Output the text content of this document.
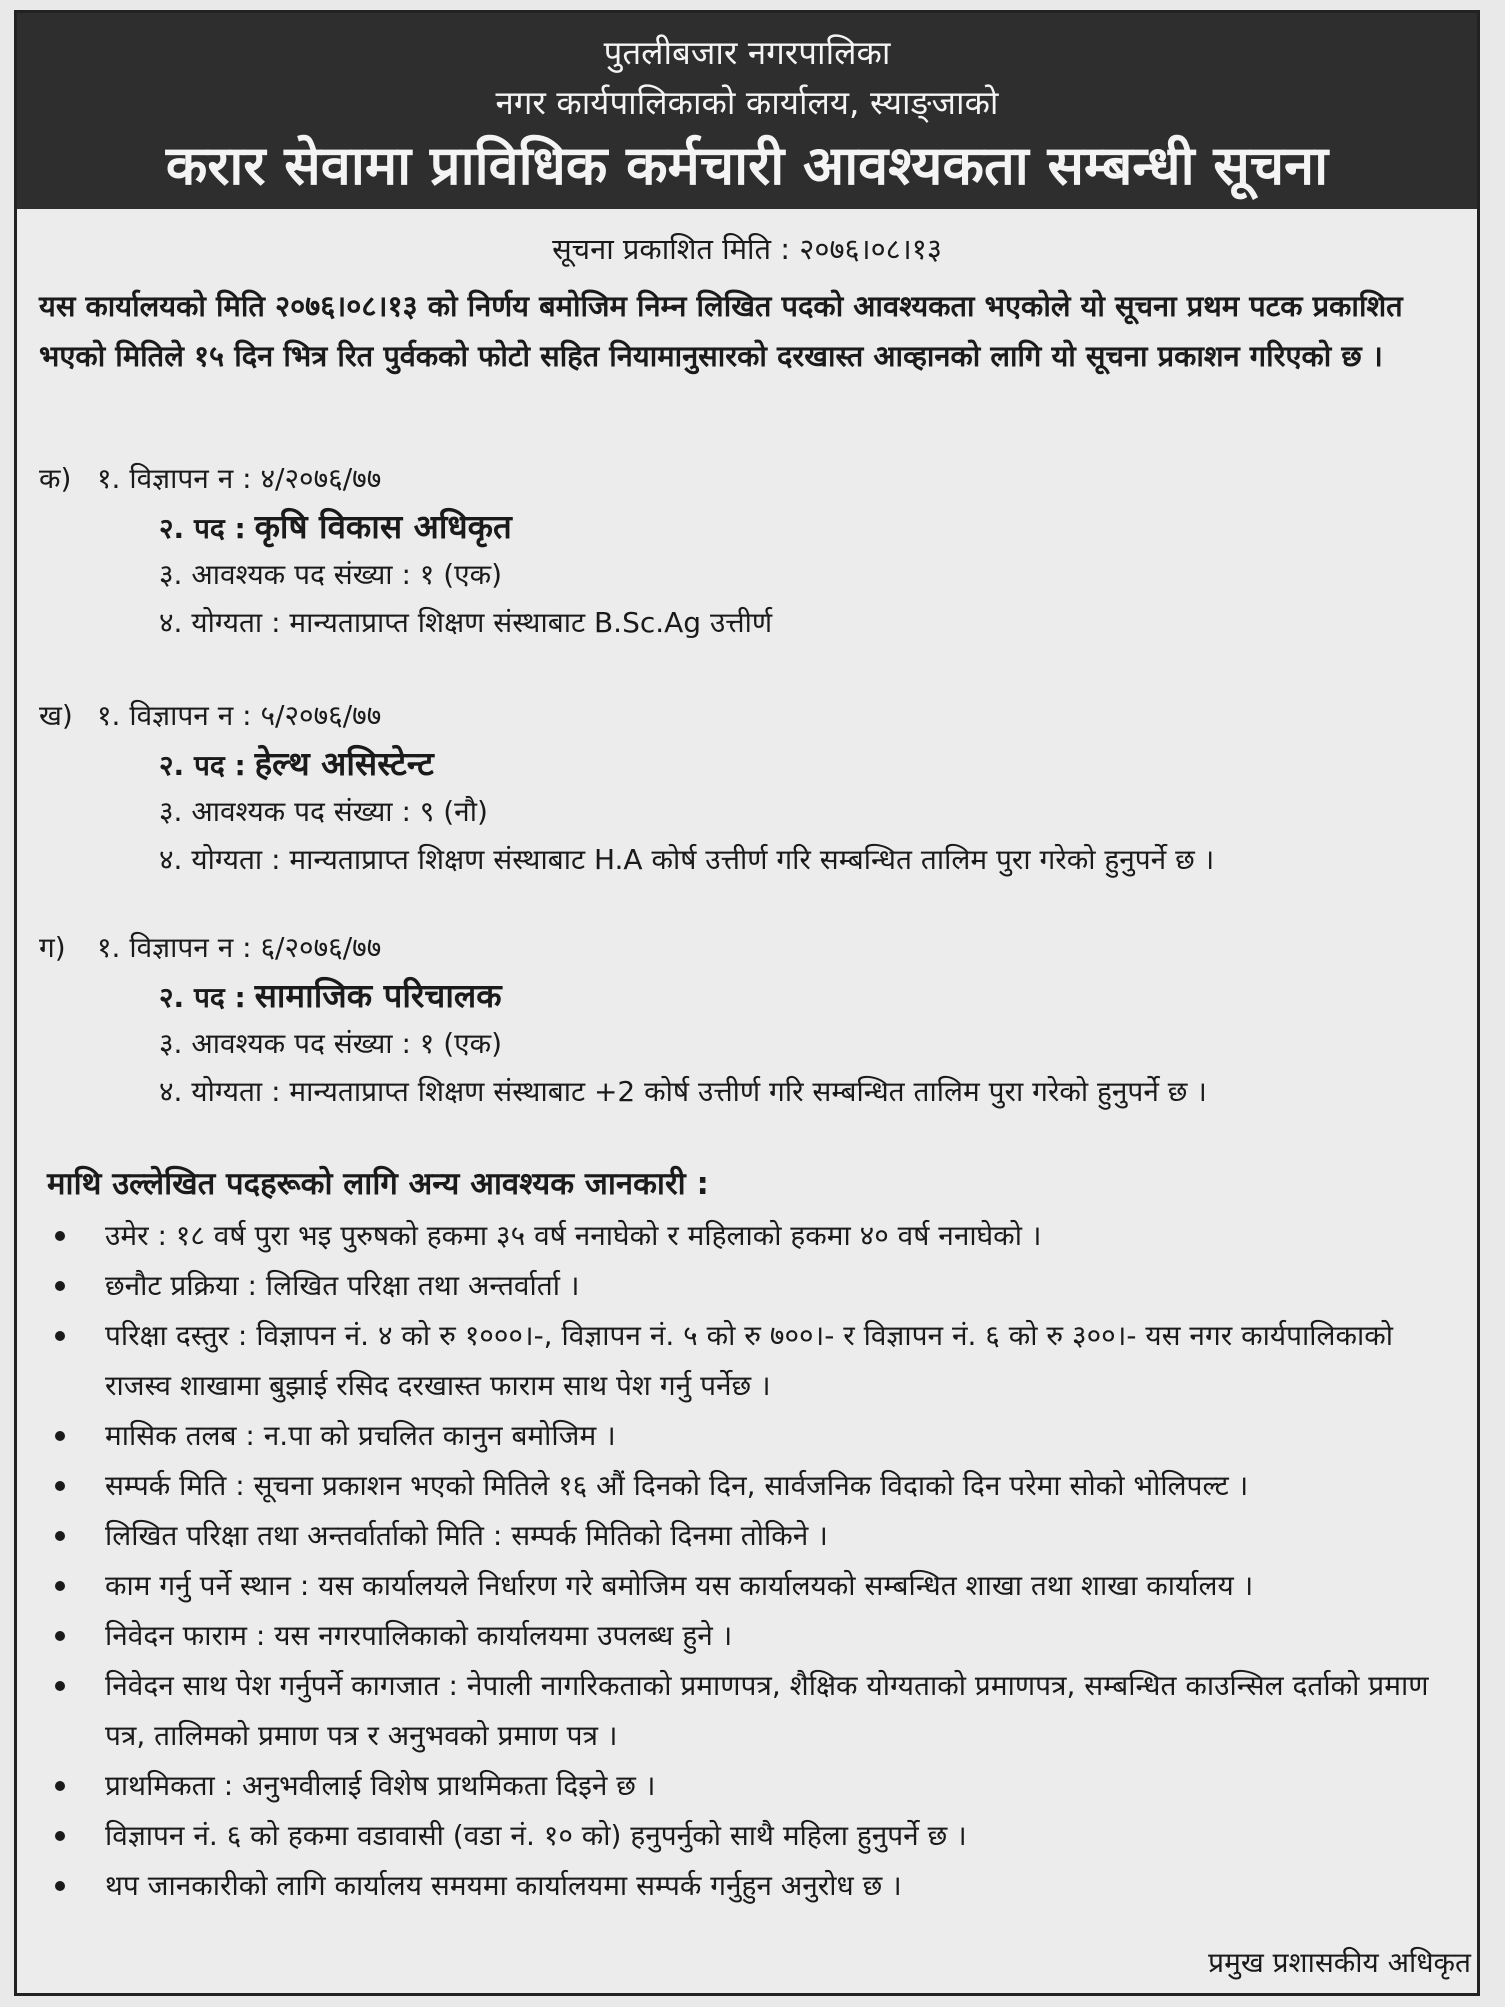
पुतलीबजार नगरपालिका
नगर कार्यपालिकाको कार्यालय, स्याङ्जाको
करार सेवामा प्राविधिक कर्मचारी आवश्यकता सम्बन्धी सूचना
सूचना प्रकाशित मिति : २०७६।०८।१३
यस कार्यालयको मिति २०७६।०८।१३ को निर्णय बमोजिम निम्न लिखित पदको आवश्यकता भएकोले यो सूचना प्रथम पटक प्रकाशित भएको मितिले १५ दिन भित्र रित पुर्वकको फोटो सहित नियामानुसारको दरखास्त आव्हानको लागि यो सूचना प्रकाशन गरिएको छ ।
क) १. विज्ञापन न : ४/२०७६/७७
२. पद : कृषि विकास अधिकृत
३. आवश्यक पद संख्या : १ (एक)
४. योग्यता : मान्यताप्राप्त शिक्षण संस्थाबाट B.Sc.Ag उत्तीर्ण
ख) १. विज्ञापन न : ५/२०७६/७७
२. पद : हेल्थ असिस्टेन्ट
३. आवश्यक पद संख्या : ९ (नौ)
४. योग्यता : मान्यताप्राप्त शिक्षण संस्थाबाट H.A कोर्ष उत्तीर्ण गरि सम्बन्धित तालिम पुरा गरेको हुनुपर्ने छ ।
ग) १. विज्ञापन न : ६/२०७६/७७
२. पद : सामाजिक परिचालक
३. आवश्यक पद संख्या : १ (एक)
४. योग्यता : मान्यताप्राप्त शिक्षण संस्थाबाट +2 कोर्ष उत्तीर्ण गरि सम्बन्धित तालिम पुरा गरेको हुनुपर्ने छ ।
माथि उल्लेखित पदहरूको लागि अन्य आवश्यक जानकारी :
उमेर : १८ वर्ष पुरा भइ पुरुषको हकमा ३५ वर्ष ननाघेको र महिलाको हकमा ४० वर्ष ननाघेको ।
छनौट प्रक्रिया : लिखित परिक्षा तथा अन्तर्वार्ता ।
परिक्षा दस्तुर : विज्ञापन नं. ४ को रु १०००।-, विज्ञापन नं. ५ को रु ७००।- र विज्ञापन नं. ६ को रु ३००।- यस नगर कार्यपालिकाको राजस्व शाखामा बुझाई रसिद दरखास्त फाराम साथ पेश गर्नु पर्नेछ ।
मासिक तलब : न.पा को प्रचलित कानुन बमोजिम ।
सम्पर्क मिति : सूचना प्रकाशन भएको मितिले १६ औं दिनको दिन, सार्वजनिक विदाको दिन परेमा सोको भोलिपल्ट ।
लिखित परिक्षा तथा अन्तर्वार्ताको मिति : सम्पर्क मितिको दिनमा तोकिने ।
काम गर्नु पर्ने स्थान : यस कार्यालयले निर्धारण गरे बमोजिम यस कार्यालयको सम्बन्धित शाखा तथा शाखा कार्यालय ।
निवेदन फाराम : यस नगरपालिकाको कार्यालयमा उपलब्ध हुने ।
निवेदन साथ पेश गर्नुपर्ने कागजात : नेपाली नागरिकताको प्रमाणपत्र, शैक्षिक योग्यताको प्रमाणपत्र, सम्बन्धित काउन्सिल दर्ताको प्रमाण पत्र, तालिमको प्रमाण पत्र र अनुभवको प्रमाण पत्र ।
प्राथमिकता : अनुभवीलाई विशेष प्राथमिकता दिइने छ ।
विज्ञापन नं. ६ को हकमा वडावासी (वडा नं. १० को) हनुपर्नुको साथै महिला हुनुपर्ने छ ।
थप जानकारीको लागि कार्यालय समयमा कार्यालयमा सम्पर्क गर्नुहुन अनुरोध छ ।
प्रमुख प्रशासकीय अधिकृत
